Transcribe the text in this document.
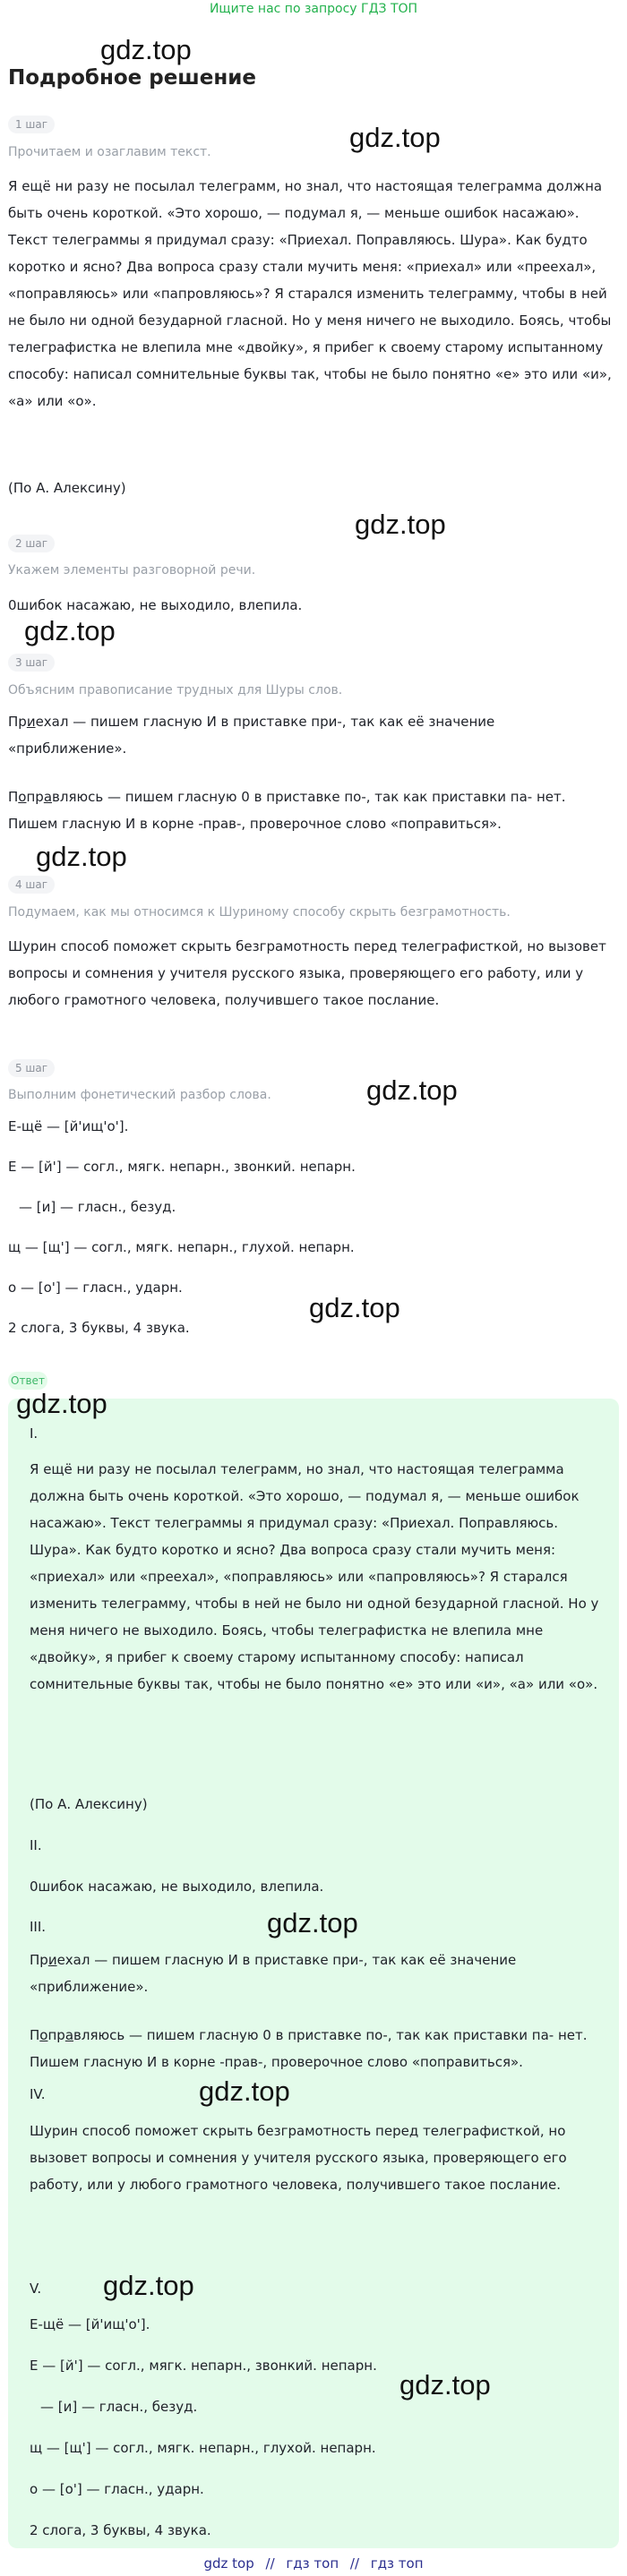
Ищите нас по запросу ГДЗ ТОП
gdz.top
Подробное решение
1 шаг	gdz.top
Прочитаем и озаглавим текст.

Я ещё ни разу не посылал телеграмм, но знал, что настоящая телеграмма должна быть очень короткой. «Это хорошо, — подумал я, — меньше ошибок насажаю». Текст телеграммы я придумал сразу: «Приехал. Поправляюсь. Шура». Как будто коротко и ясно? Два вопроса сразу стали мучить меня: «приехал» или «преехал», «поправляюсь» или «папровляюсь»? Я старался изменить телеграмму, чтобы в ней не было ни одной безударной гласной. Но у меня ничего не выходило. Боясь, чтобы телеграфистка не влепила мне «двойку», я прибег к своему старому испытанному способу: написал сомнительные буквы так, чтобы не было понятно «е» это или «и», «а» или «о».

(По А. Алексину)
gdz.top
2 шаг
Укажем элементы разговорной речи.
0шибок насажаю, не выходило, влепила.
gdz.top
3 шаг
Объясним правописание трудных для Шуры слов.

Приехал — пишем гласную И в приставке при-, так как её значение «приближение».

Поправляюсь — пишем гласную 0 в приставке по-, так как приставки па- нет. Пишем гласную И в корне -прав-, проверочное слово «поправиться».

gdz.top
4 шаг
Подумаем, как мы относимся к Шуриному способу скрыть безграмотность.

Шурин способ поможет скрыть безграмотность перед телеграфисткой, но вызовет вопросы и сомнения у учителя русского языка, проверяющего его работу, или у любого грамотного человека, получившего такое послание.

5 шаг
gdz.top
Выполним фонетический разбор слова.
Е-щё — [й'ищ'о'].
Е — [й'] — согл., мягк. непарн., звонкий. непарн.
— [и] — гласн., безуд.
щ — [щ'] — согл., мягк. непарн., глухой. непарн.
о — [о'] — гласн., ударн.
2 слога, 3 буквы, 4 звука.
gdz.top
Ответ
gdz.top
I.

Я ещё ни разу не посылал телеграмм, но знал, что настоящая телеграмма должна быть очень короткой. «Это хорошо, — подумал я, — меньше ошибок насажаю». Текст телеграммы я придумал сразу: «Приехал. Поправляюсь. Шура». Как будто коротко и ясно? Два вопроса сразу стали мучить меня: «приехал» или «преехал», «поправляюсь» или «папровляюсь»? Я старался изменить телеграмму, чтобы в ней не было ни одной безударной гласной. Но у меня ничего не выходило. Боясь, чтобы телеграфистка не влепила мне «двойку», я прибег к своему старому испытанному способу: написал сомнительные буквы так, чтобы не было понятно «е» это или «и», «а» или «о».

(По А. Алексину)
II.
0шибок насажаю, не выходило, влепила.
III.	gdz.top

Приехал — пишем гласную И в приставке при-, так как её значение «приближение».

Поправляюсь — пишем гласную 0 в приставке по-, так как приставки па- нет. Пишем гласную И в корне -прав-, проверочное слово «поправиться».

IV.	gdz.top

Шурин способ поможет скрыть безграмотность перед телеграфисткой, но вызовет вопросы и сомнения у учителя русского языка, проверяющего его работу, или у любого грамотного человека, получившего такое послание.

V. gdz.top
Е-щё — [й'ищ'о'].
Е — [й'] — согл., мягк. непарн., звонкий. непарн.
gdz.top
— [и] — гласн., безуд.
щ — [щ'] — согл., мягк. непарн., глухой. непарн.
о — [о'] — гласн., ударн.
2 слога, 3 буквы, 4 звука.
gdz top // гдз топ // гдз топ
